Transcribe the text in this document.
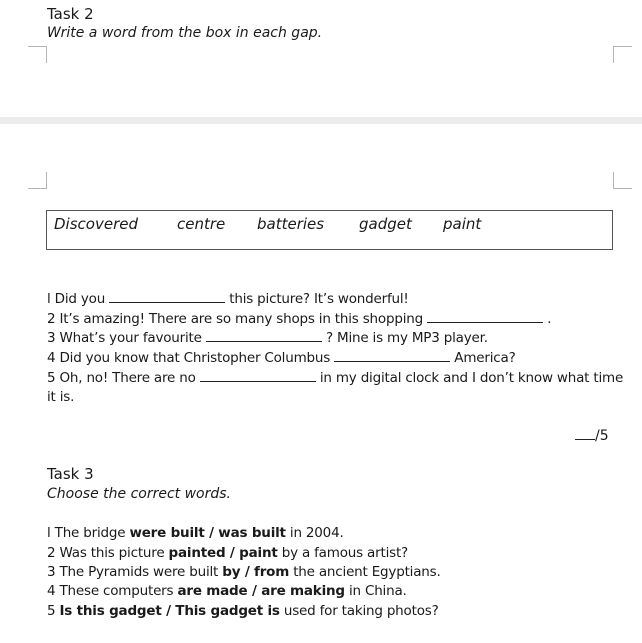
Task 2
Write a word from the box in each gap.
Discovered	centre batteries gadget paint
l Did you	this picture? It’s wonderful!
2 It’s amazing! There are so many shops in this shopping	.
3 What’s your favourite	? Mine is my MP3 player.
4 Did you know that Christopher Columbus	America?
5 Oh, no! There are no	in my digital clock and I don’t know what time
it is.
/5
Task 3
Choose the correct words.
l The bridge were built / was built in 2004.
2 Was this picture painted / paint by a famous artist?
3 The Pyramids were built by / from the ancient Egyptians.
4 These computers are made / are making in China.
5 Is this gadget / This gadget is used for taking photos?
